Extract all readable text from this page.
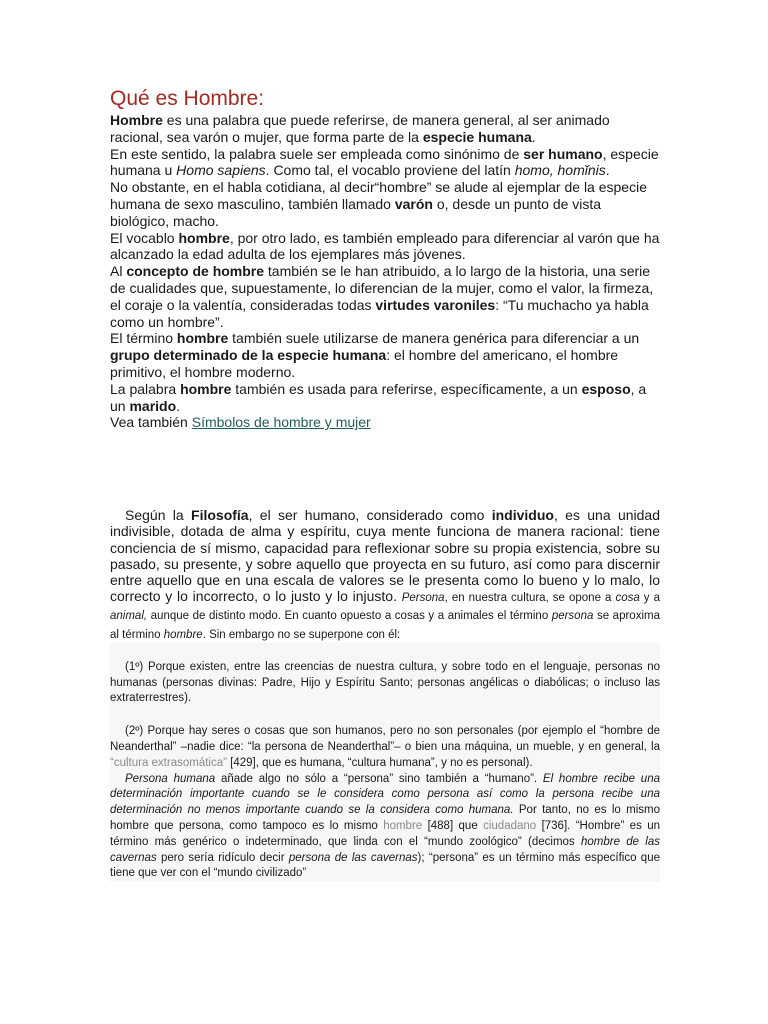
Qué es Hombre:
Hombre es una palabra que puede referirse, de manera general, al ser animado racional, sea varón o mujer, que forma parte de la especie humana.
En este sentido, la palabra suele ser empleada como sinónimo de ser humano, especie humana u Homo sapiens. Como tal, el vocablo proviene del latín homo, homĭnis.
No obstante, en el habla cotidiana, al decir“hombre” se alude al ejemplar de la especie humana de sexo masculino, también llamado varón o, desde un punto de vista biológico, macho.
El vocablo hombre, por otro lado, es también empleado para diferenciar al varón que ha alcanzado la edad adulta de los ejemplares más jóvenes.
Al concepto de hombre también se le han atribuido, a lo largo de la historia, una serie de cualidades que, supuestamente, lo diferencian de la mujer, como el valor, la firmeza, el coraje o la valentía, consideradas todas virtudes varoniles: “Tu muchacho ya habla como un hombre”.
El término hombre también suele utilizarse de manera genérica para diferenciar a un grupo determinado de la especie humana: el hombre del americano, el hombre primitivo, el hombre moderno.
La palabra hombre también es usada para referirse, específicamente, a un esposo, a un marido.
Vea también Símbolos de hombre y mujer

Según la Filosofía, el ser humano, considerado como individuo, es una unidad indivisible, dotada de alma y espíritu, cuya mente funciona de manera racional: tiene conciencia de sí mismo, capacidad para reflexionar sobre su propia existencia, sobre su pasado, su presente, y sobre aquello que proyecta en su futuro, así como para discernir entre aquello que en una escala de valores se le presenta como lo bueno y lo malo, lo correcto y lo incorrecto, o lo justo y lo injusto. Persona, en nuestra cultura, se opone a cosa y a animal, aunque de distinto modo. En cuanto opuesto a cosas y a animales el término persona se aproxima al término hombre. Sin embargo no se superpone con él:

(1º) Porque existen, entre las creencias de nuestra cultura, y sobre todo en el lenguaje, personas no humanas (personas divinas: Padre, Hijo y Espíritu Santo; personas angélicas o diabólicas; o incluso las extraterrestres).
(2º) Porque hay seres o cosas que son humanos, pero no son personales (por ejemplo el “hombre de Neanderthal” –nadie dice: “la persona de Neanderthal”– o bien una máquina, un mueble, y en general, la “cultura extrasomática” [429], que es humana, “cultura humana”, y no es personal).
Persona humana añade algo no sólo a “persona” sino también a “humano”. El hombre recibe una determinación importante cuando se le considera como persona así como la persona recibe una determinación no menos importante cuando se la considera como humana. Por tanto, no es lo mismo hombre que persona, como tampoco es lo mismo hombre [488] que ciudadano [736]. “Hombre” es un término más genérico o indeterminado, que linda con el “mundo zoológico” (decimos hombre de las cavernas pero sería ridículo decir persona de las cavernas); “persona” es un término más específico que tiene que ver con el “mundo civilizado”
